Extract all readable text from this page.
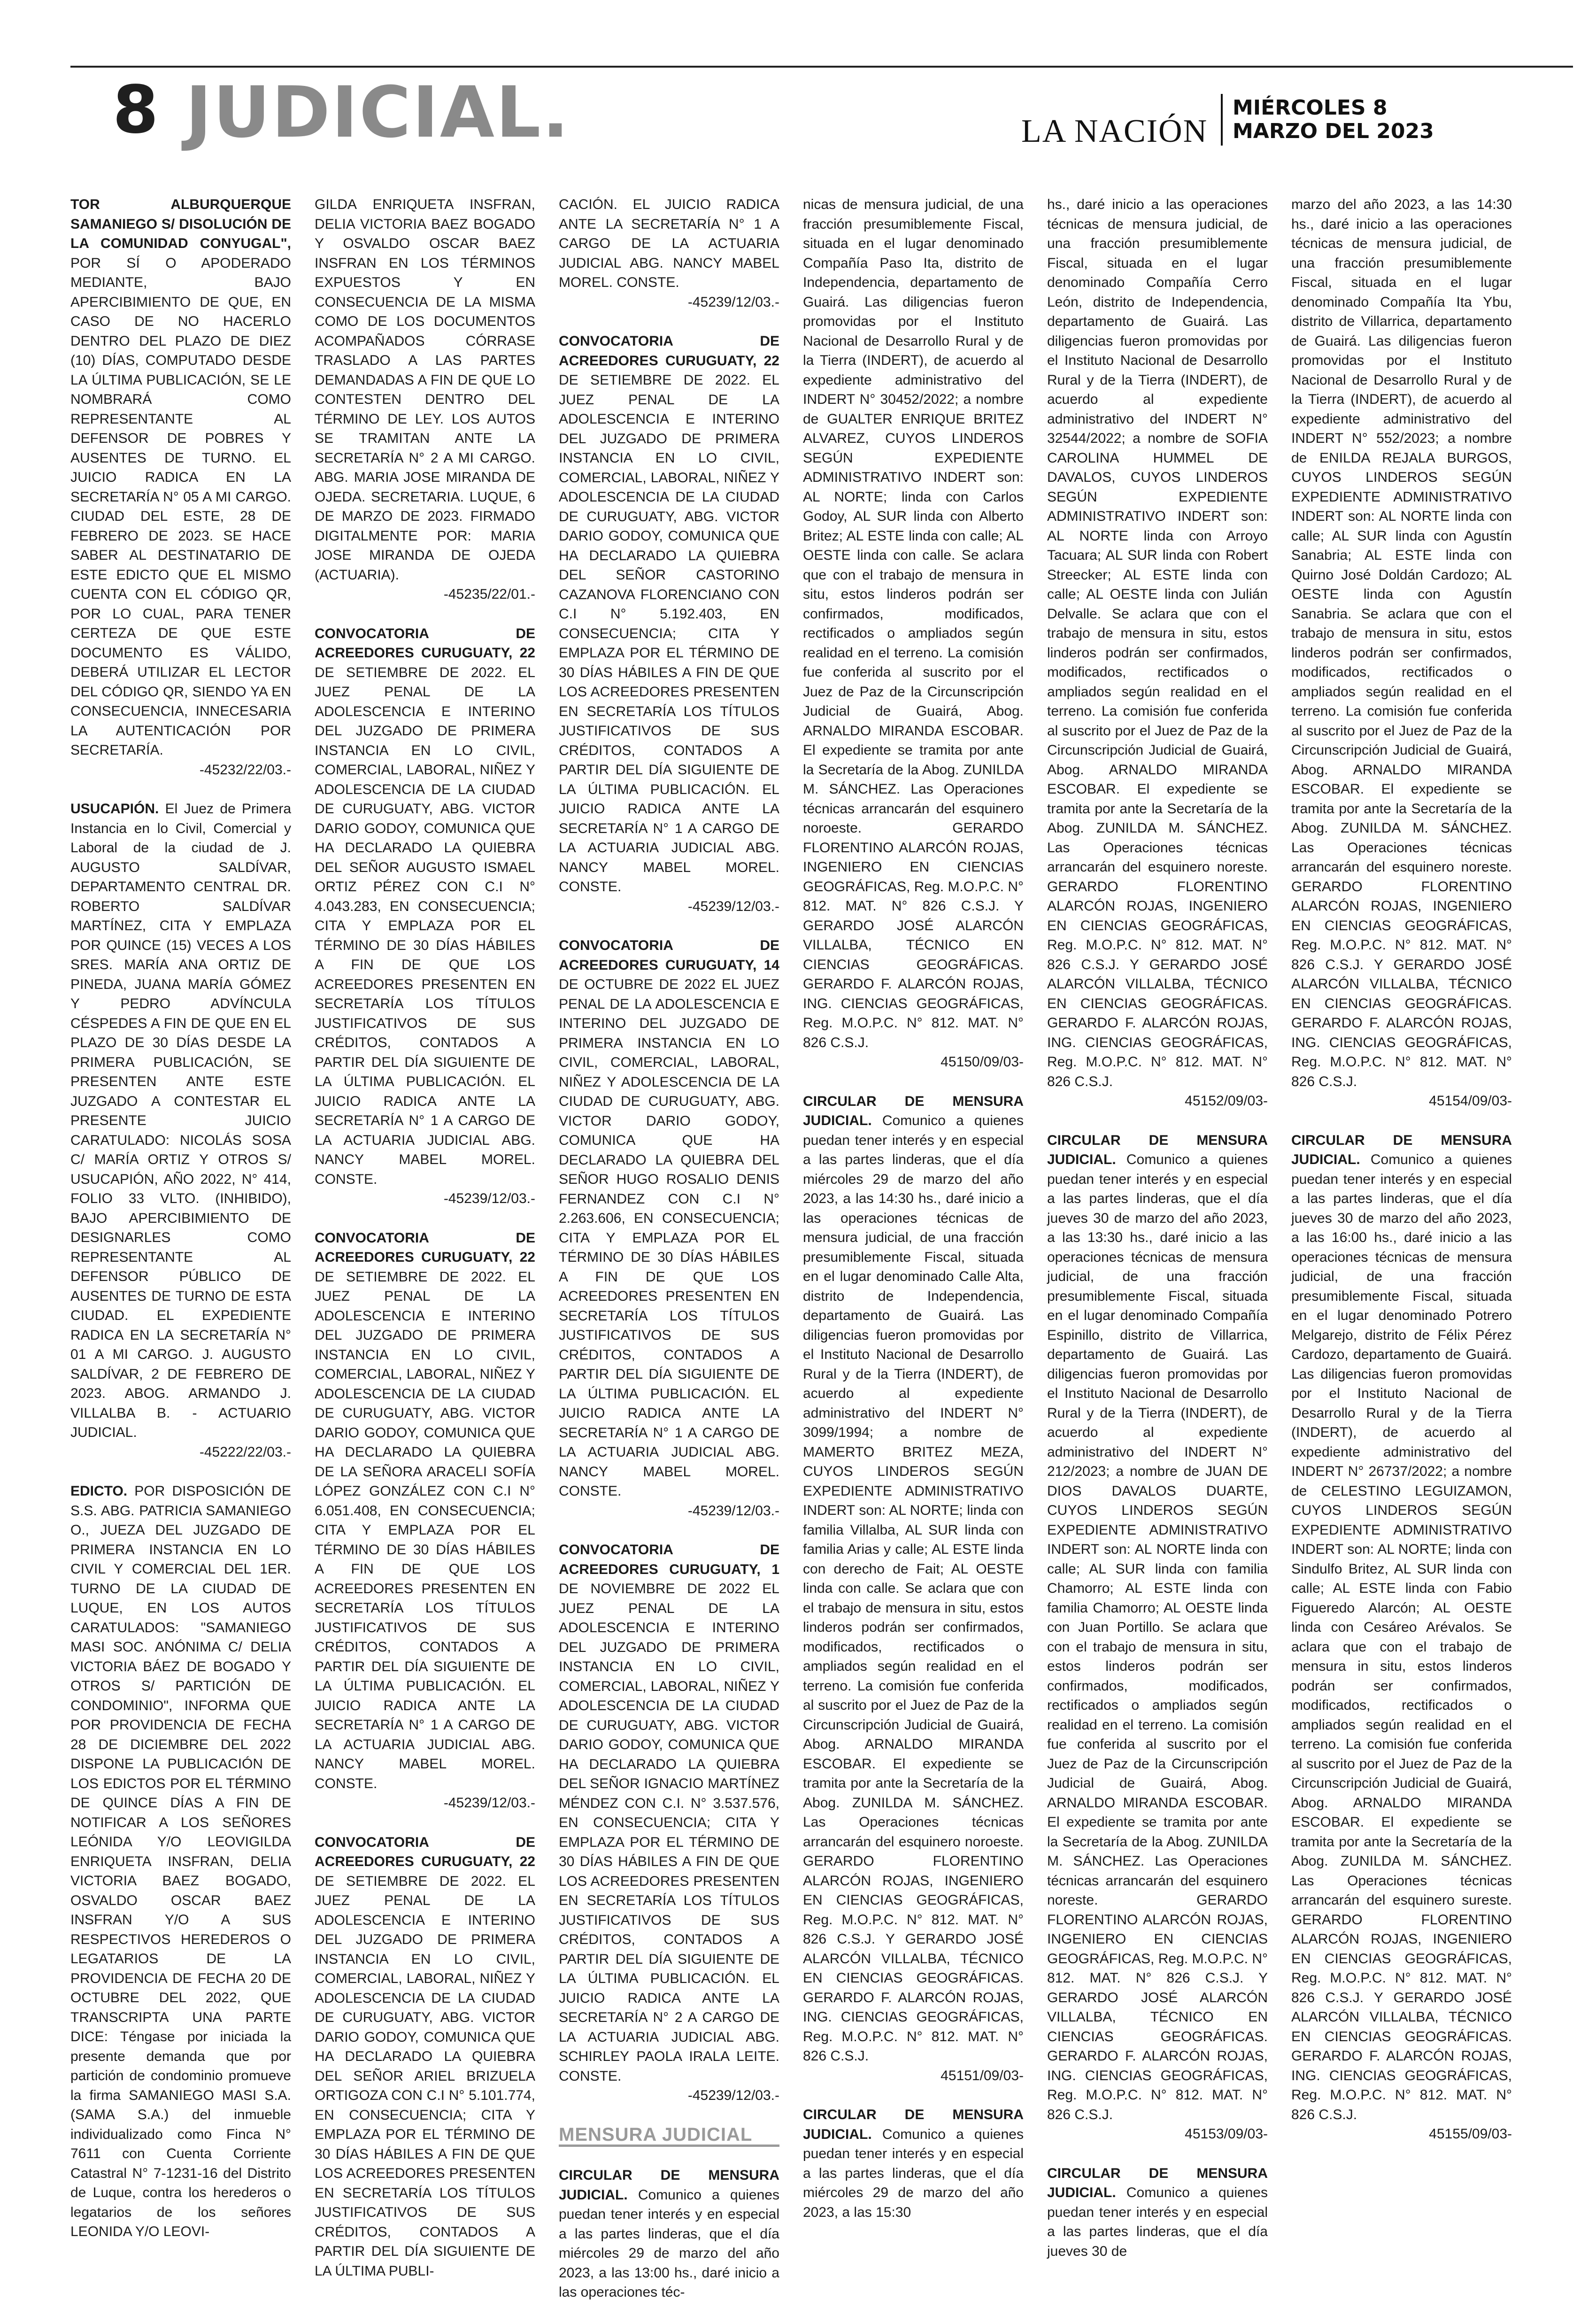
8 JUDICIAL.	LA NACIÓN
MIÉRCOLES 8
MARZO DEL 2023

TOR ALBURQUERQUE SAMANIEGO S/ DISOLUCIÓN DE LA COMUNIDAD CONYUGAL", POR SÍ O APODERADO MEDIANTE, BAJO APERCIBIMIENTO DE QUE, EN CASO DE NO HACERLO DENTRO DEL PLAZO DE DIEZ (10) DÍAS, COMPUTADO DESDE LA ÚLTIMA PUBLICACIÓN, SE LE NOMBRARÁ COMO REPRESENTANTE AL DEFENSOR DE POBRES Y AUSENTES DE TURNO. EL JUICIO RADICA EN LA SECRETARÍA N° 05 A MI CARGO. CIUDAD DEL ESTE, 28 DE FEBRERO DE 2023. SE HACE SABER AL DESTINATARIO DE ESTE EDICTO QUE EL MISMO CUENTA CON EL CÓDIGO QR, POR LO CUAL, PARA TENER CERTEZA DE QUE ESTE DOCUMENTO ES VÁLIDO, DEBERÁ UTILIZAR EL LECTOR DEL CÓDIGO QR, SIENDO YA EN CONSECUENCIA, INNECESARIA LA AUTENTICACIÓN POR SECRETARÍA.
-45232/22/03.-

USUCAPIÓN. El Juez de Primera Instancia en lo Civil, Comercial y Laboral de la ciudad de J. AUGUSTO SALDÍVAR, DEPARTAMENTO CENTRAL DR. ROBERTO SALDÍVAR MARTÍNEZ, CITA Y EMPLAZA POR QUINCE (15) VECES A LOS SRES. MARÍA ANA ORTIZ DE PINEDA, JUANA MARÍA GÓMEZ Y PEDRO ADVÍNCULA CÉSPEDES A FIN DE QUE EN EL PLAZO DE 30 DÍAS DESDE LA PRIMERA PUBLICACIÓN, SE PRESENTEN ANTE ESTE JUZGADO A CONTESTAR EL PRESENTE JUICIO CARATULADO: NICOLÁS SOSA C/ MARÍA ORTIZ Y OTROS S/ USUCAPIÓN, AÑO 2022, N° 414, FOLIO 33 VLTO. (INHIBIDO), BAJO APERCIBIMIENTO DE DESIGNARLES COMO REPRESENTANTE AL DEFENSOR PÚBLICO DE AUSENTES DE TURNO DE ESTA CIUDAD. EL EXPEDIENTE RADICA EN LA SECRETARÍA N° 01 A MI CARGO. J. AUGUSTO SALDÍVAR, 2 DE FEBRERO DE 2023. ABOG. ARMANDO J. VILLALBA B. - ACTUARIO JUDICIAL.
-45222/22/03.-

EDICTO. POR DISPOSICIÓN DE S.S. ABG. PATRICIA SAMANIEGO O., JUEZA DEL JUZGADO DE PRIMERA INSTANCIA EN LO CIVIL Y COMERCIAL DEL 1ER. TURNO DE LA CIUDAD DE LUQUE, EN LOS AUTOS CARATULADOS: "SAMANIEGO MASI SOC. ANÓNIMA C/ DELIA VICTORIA BÁEZ DE BOGADO Y OTROS S/ PARTICIÓN DE CONDOMINIO", INFORMA QUE POR PROVIDENCIA DE FECHA 28 DE DICIEMBRE DEL 2022 DISPONE LA PUBLICACIÓN DE LOS EDICTOS POR EL TÉRMINO DE QUINCE DÍAS A FIN DE NOTIFICAR A LOS SEÑORES LEÓNIDA Y/O LEOVIGILDA ENRIQUETA INSFRAN, DELIA VICTORIA BAEZ BOGADO, OSVALDO OSCAR BAEZ INSFRAN Y/O A SUS RESPECTIVOS HEREDEROS O LEGATARIOS DE LA PROVIDENCIA DE FECHA 20 DE OCTUBRE DEL 2022, QUE TRANSCRIPTA UNA PARTE DICE: Téngase por iniciada la presente demanda que por partición de condominio promueve la firma SAMANIEGO MASI S.A. (SAMA S.A.) del inmueble individualizado como Finca N° 7611 con Cuenta Corriente Catastral N° 7-1231-16 del Distrito de Luque, contra los herederos o legatarios de los señores LEONIDA Y/O LEOVI-

GILDA ENRIQUETA INSFRAN, DELIA VICTORIA BAEZ BOGADO Y OSVALDO OSCAR BAEZ INSFRAN EN LOS TÉRMINOS EXPUESTOS Y EN CONSECUENCIA DE LA MISMA COMO DE LOS DOCUMENTOS ACOMPAÑADOS CÓRRASE TRASLADO A LAS PARTES DEMANDADAS A FIN DE QUE LO CONTESTEN DENTRO DEL TÉRMINO DE LEY. LOS AUTOS SE TRAMITAN ANTE LA SECRETARÍA N° 2 A MI CARGO. ABG. MARIA JOSE MIRANDA DE OJEDA. SECRETARIA. LUQUE, 6 DE MARZO DE 2023. FIRMADO DIGITALMENTE POR: MARIA JOSE MIRANDA DE OJEDA (ACTUARIA).
-45235/22/01.-

CONVOCATORIA DE ACREEDORES CURUGUATY, 22 DE SETIEMBRE DE 2022. EL JUEZ PENAL DE LA ADOLESCENCIA E INTERINO DEL JUZGADO DE PRIMERA INSTANCIA EN LO CIVIL, COMERCIAL, LABORAL, NIÑEZ Y ADOLESCENCIA DE LA CIUDAD DE CURUGUATY, ABG. VICTOR DARIO GODOY, COMUNICA QUE HA DECLARADO LA QUIEBRA DEL SEÑOR AUGUSTO ISMAEL ORTIZ PÉREZ CON C.I N° 4.043.283, EN CONSECUENCIA; CITA Y EMPLAZA POR EL TÉRMINO DE 30 DÍAS HÁBILES A FIN DE QUE LOS ACREEDORES PRESENTEN EN SECRETARÍA LOS TÍTULOS JUSTIFICATIVOS DE SUS CRÉDITOS, CONTADOS A PARTIR DEL DÍA SIGUIENTE DE LA ÚLTIMA PUBLICACIÓN. EL JUICIO RADICA ANTE LA SECRETARÍA N° 1 A CARGO DE LA ACTUARIA JUDICIAL ABG. NANCY MABEL MOREL. CONSTE.
-45239/12/03.-

CONVOCATORIA DE ACREEDORES CURUGUATY, 22 DE SETIEMBRE DE 2022. EL JUEZ PENAL DE LA ADOLESCENCIA E INTERINO DEL JUZGADO DE PRIMERA INSTANCIA EN LO CIVIL, COMERCIAL, LABORAL, NIÑEZ Y ADOLESCENCIA DE LA CIUDAD DE CURUGUATY, ABG. VICTOR DARIO GODOY, COMUNICA QUE HA DECLARADO LA QUIEBRA DE LA SEÑORA ARACELI SOFÍA LÓPEZ GONZÁLEZ CON C.I N° 6.051.408, EN CONSECUENCIA; CITA Y EMPLAZA POR EL TÉRMINO DE 30 DÍAS HÁBILES A FIN DE QUE LOS ACREEDORES PRESENTEN EN SECRETARÍA LOS TÍTULOS JUSTIFICATIVOS DE SUS CRÉDITOS, CONTADOS A PARTIR DEL DÍA SIGUIENTE DE LA ÚLTIMA PUBLICACIÓN. EL JUICIO RADICA ANTE LA SECRETARÍA N° 1 A CARGO DE LA ACTUARIA JUDICIAL ABG. NANCY MABEL MOREL. CONSTE.
-45239/12/03.-

CONVOCATORIA DE ACREEDORES CURUGUATY, 22 DE SETIEMBRE DE 2022. EL JUEZ PENAL DE LA ADOLESCENCIA E INTERINO DEL JUZGADO DE PRIMERA INSTANCIA EN LO CIVIL, COMERCIAL, LABORAL, NIÑEZ Y ADOLESCENCIA DE LA CIUDAD DE CURUGUATY, ABG. VICTOR DARIO GODOY, COMUNICA QUE HA DECLARADO LA QUIEBRA DEL SEÑOR ARIEL BRIZUELA ORTIGOZA CON C.I N° 5.101.774, EN CONSECUENCIA; CITA Y EMPLAZA POR EL TÉRMINO DE 30 DÍAS HÁBILES A FIN DE QUE LOS ACREEDORES PRESENTEN EN SECRETARÍA LOS TÍTULOS JUSTIFICATIVOS DE SUS CRÉDITOS, CONTADOS A PARTIR DEL DÍA SIGUIENTE DE LA ÚLTIMA PUBLI-

CACIÓN. EL JUICIO RADICA ANTE LA SECRETARÍA N° 1 A CARGO DE LA ACTUARIA JUDICIAL ABG. NANCY MABEL MOREL. CONSTE.
-45239/12/03.-

CONVOCATORIA DE ACREEDORES CURUGUATY, 22 DE SETIEMBRE DE 2022. EL JUEZ PENAL DE LA ADOLESCENCIA E INTERINO DEL JUZGADO DE PRIMERA INSTANCIA EN LO CIVIL, COMERCIAL, LABORAL, NIÑEZ Y ADOLESCENCIA DE LA CIUDAD DE CURUGUATY, ABG. VICTOR DARIO GODOY, COMUNICA QUE HA DECLARADO LA QUIEBRA DEL SEÑOR CASTORINO CAZANOVA FLORENCIANO CON C.I N° 5.192.403, EN CONSECUENCIA; CITA Y EMPLAZA POR EL TÉRMINO DE 30 DÍAS HÁBILES A FIN DE QUE LOS ACREEDORES PRESENTEN EN SECRETARÍA LOS TÍTULOS JUSTIFICATIVOS DE SUS CRÉDITOS, CONTADOS A PARTIR DEL DÍA SIGUIENTE DE LA ÚLTIMA PUBLICACIÓN. EL JUICIO RADICA ANTE LA SECRETARÍA N° 1 A CARGO DE LA ACTUARIA JUDICIAL ABG. NANCY MABEL MOREL. CONSTE.
-45239/12/03.-

CONVOCATORIA DE ACREEDORES CURUGUATY, 14 DE OCTUBRE DE 2022 EL JUEZ PENAL DE LA ADOLESCENCIA E INTERINO DEL JUZGADO DE PRIMERA INSTANCIA EN LO CIVIL, COMERCIAL, LABORAL, NIÑEZ Y ADOLESCENCIA DE LA CIUDAD DE CURUGUATY, ABG. VICTOR DARIO GODOY, COMUNICA QUE HA DECLARADO LA QUIEBRA DEL SEÑOR HUGO ROSALIO DENIS FERNANDEZ CON C.I N° 2.263.606, EN CONSECUENCIA; CITA Y EMPLAZA POR EL TÉRMINO DE 30 DÍAS HÁBILES A FIN DE QUE LOS ACREEDORES PRESENTEN EN SECRETARÍA LOS TÍTULOS JUSTIFICATIVOS DE SUS CRÉDITOS, CONTADOS A PARTIR DEL DÍA SIGUIENTE DE LA ÚLTIMA PUBLICACIÓN. EL JUICIO RADICA ANTE LA SECRETARÍA N° 1 A CARGO DE LA ACTUARIA JUDICIAL ABG. NANCY MABEL MOREL. CONSTE.
-45239/12/03.-

CONVOCATORIA DE ACREEDORES CURUGUATY, 1 DE NOVIEMBRE DE 2022 EL JUEZ PENAL DE LA ADOLESCENCIA E INTERINO DEL JUZGADO DE PRIMERA INSTANCIA EN LO CIVIL, COMERCIAL, LABORAL, NIÑEZ Y ADOLESCENCIA DE LA CIUDAD DE CURUGUATY, ABG. VICTOR DARIO GODOY, COMUNICA QUE HA DECLARADO LA QUIEBRA DEL SEÑOR IGNACIO MARTÍNEZ MÉNDEZ CON C.I. N° 3.537.576, EN CONSECUENCIA; CITA Y EMPLAZA POR EL TÉRMINO DE 30 DÍAS HÁBILES A FIN DE QUE LOS ACREEDORES PRESENTEN EN SECRETARÍA LOS TÍTULOS JUSTIFICATIVOS DE SUS CRÉDITOS, CONTADOS A PARTIR DEL DÍA SIGUIENTE DE LA ÚLTIMA PUBLICACIÓN. EL JUICIO RADICA ANTE LA SECRETARÍA N° 2 A CARGO DE LA ACTUARIA JUDICIAL ABG. SCHIRLEY PAOLA IRALA LEITE. CONSTE.
-45239/12/03.-

MENSURA JUDICIAL

CIRCULAR DE MENSURA JUDICIAL. Comunico a quienes puedan tener interés y en especial a las partes linderas, que el día miércoles 29 de marzo del año 2023, a las 13:00 hs., daré inicio a las operaciones téc-

nicas de mensura judicial, de una fracción presumiblemente Fiscal, situada en el lugar denominado Compañía Paso Ita, distrito de Independencia, departamento de Guairá. Las diligencias fueron promovidas por el Instituto Nacional de Desarrollo Rural y de la Tierra (INDERT), de acuerdo al expediente administrativo del INDERT N° 30452/2022; a nombre de GUALTER ENRIQUE BRITEZ ALVAREZ, CUYOS LINDEROS SEGÚN EXPEDIENTE ADMINISTRATIVO INDERT son: AL NORTE; linda con Carlos Godoy, AL SUR linda con Alberto Britez; AL ESTE linda con calle; AL OESTE linda con calle. Se aclara que con el trabajo de mensura in situ, estos linderos podrán ser confirmados, modificados, rectificados o ampliados según realidad en el terreno. La comisión fue conferida al suscrito por el Juez de Paz de la Circunscripción Judicial de Guairá, Abog. ARNALDO MIRANDA ESCOBAR. El expediente se tramita por ante la Secretaría de la Abog. ZUNILDA M. SÁNCHEZ. Las Operaciones técnicas arrancarán del esquinero noroeste. GERARDO FLORENTINO ALARCÓN ROJAS, INGENIERO EN CIENCIAS GEOGRÁFICAS, Reg. M.O.P.C. N° 812. MAT. N° 826 C.S.J. Y GERARDO JOSÉ ALARCÓN VILLALBA, TÉCNICO EN CIENCIAS GEOGRÁFICAS. GERARDO F. ALARCÓN ROJAS, ING. CIENCIAS GEOGRÁFICAS, Reg. M.O.P.C. N° 812. MAT. N° 826 C.S.J.
45150/09/03-

CIRCULAR DE MENSURA JUDICIAL. Comunico a quienes puedan tener interés y en especial a las partes linderas, que el día miércoles 29 de marzo del año 2023, a las 14:30 hs., daré inicio a las operaciones técnicas de mensura judicial, de una fracción presumiblemente Fiscal, situada en el lugar denominado Calle Alta, distrito de Independencia, departamento de Guairá. Las diligencias fueron promovidas por el Instituto Nacional de Desarrollo Rural y de la Tierra (INDERT), de acuerdo al expediente administrativo del INDERT N° 3099/1994; a nombre de MAMERTO BRITEZ MEZA, CUYOS LINDEROS SEGÚN EXPEDIENTE ADMINISTRATIVO INDERT son: AL NORTE; linda con familia Villalba, AL SUR linda con familia Arias y calle; AL ESTE linda con derecho de Fait; AL OESTE linda con calle. Se aclara que con el trabajo de mensura in situ, estos linderos podrán ser confirmados, modificados, rectificados o ampliados según realidad en el terreno. La comisión fue conferida al suscrito por el Juez de Paz de la Circunscripción Judicial de Guairá, Abog. ARNALDO MIRANDA ESCOBAR. El expediente se tramita por ante la Secretaría de la Abog. ZUNILDA M. SÁNCHEZ. Las Operaciones técnicas arrancarán del esquinero noroeste. GERARDO FLORENTINO ALARCÓN ROJAS, INGENIERO EN CIENCIAS GEOGRÁFICAS, Reg. M.O.P.C. N° 812. MAT. N° 826 C.S.J. Y GERARDO JOSÉ ALARCÓN VILLALBA, TÉCNICO EN CIENCIAS GEOGRÁFICAS. GERARDO F. ALARCÓN ROJAS, ING. CIENCIAS GEOGRÁFICAS, Reg. M.O.P.C. N° 812. MAT. N° 826 C.S.J.
45151/09/03-

CIRCULAR DE MENSURA JUDICIAL. Comunico a quienes puedan tener interés y en especial a las partes linderas, que el día miércoles 29 de marzo del año 2023, a las 15:30

hs., daré inicio a las operaciones técnicas de mensura judicial, de una fracción presumiblemente Fiscal, situada en el lugar denominado Compañía Cerro León, distrito de Independencia, departamento de Guairá. Las diligencias fueron promovidas por el Instituto Nacional de Desarrollo Rural y de la Tierra (INDERT), de acuerdo al expediente administrativo del INDERT N° 32544/2022; a nombre de SOFIA CAROLINA HUMMEL DE DAVALOS, CUYOS LINDEROS SEGÚN EXPEDIENTE ADMINISTRATIVO INDERT son: AL NORTE linda con Arroyo Tacuara; AL SUR linda con Robert Streecker; AL ESTE linda con calle; AL OESTE linda con Julián Delvalle. Se aclara que con el trabajo de mensura in situ, estos linderos podrán ser confirmados, modificados, rectificados o ampliados según realidad en el terreno. La comisión fue conferida al suscrito por el Juez de Paz de la Circunscripción Judicial de Guairá, Abog. ARNALDO MIRANDA ESCOBAR. El expediente se tramita por ante la Secretaría de la Abog. ZUNILDA M. SÁNCHEZ. Las Operaciones técnicas arrancarán del esquinero noreste. GERARDO FLORENTINO ALARCÓN ROJAS, INGENIERO EN CIENCIAS GEOGRÁFICAS, Reg. M.O.P.C. N° 812. MAT. N° 826 C.S.J. Y GERARDO JOSÉ ALARCÓN VILLALBA, TÉCNICO EN CIENCIAS GEOGRÁFICAS. GERARDO F. ALARCÓN ROJAS, ING. CIENCIAS GEOGRÁFICAS, Reg. M.O.P.C. N° 812. MAT. N° 826 C.S.J.
45152/09/03-

CIRCULAR DE MENSURA JUDICIAL. Comunico a quienes puedan tener interés y en especial a las partes linderas, que el día jueves 30 de marzo del año 2023, a las 13:30 hs., daré inicio a las operaciones técnicas de mensura judicial, de una fracción presumiblemente Fiscal, situada en el lugar denominado Compañía Espinillo, distrito de Villarrica, departamento de Guairá. Las diligencias fueron promovidas por el Instituto Nacional de Desarrollo Rural y de la Tierra (INDERT), de acuerdo al expediente administrativo del INDERT N° 212/2023; a nombre de JUAN DE DIOS DAVALOS DUARTE, CUYOS LINDEROS SEGÚN EXPEDIENTE ADMINISTRATIVO INDERT son: AL NORTE linda con calle; AL SUR linda con familia Chamorro; AL ESTE linda con familia Chamorro; AL OESTE linda con Juan Portillo. Se aclara que con el trabajo de mensura in situ, estos linderos podrán ser confirmados, modificados, rectificados o ampliados según realidad en el terreno. La comisión fue conferida al suscrito por el Juez de Paz de la Circunscripción Judicial de Guairá, Abog. ARNALDO MIRANDA ESCOBAR. El expediente se tramita por ante la Secretaría de la Abog. ZUNILDA M. SÁNCHEZ. Las Operaciones técnicas arrancarán del esquinero noreste. GERARDO FLORENTINO ALARCÓN ROJAS, INGENIERO EN CIENCIAS GEOGRÁFICAS, Reg. M.O.P.C. N° 812. MAT. N° 826 C.S.J. Y GERARDO JOSÉ ALARCÓN VILLALBA, TÉCNICO EN CIENCIAS GEOGRÁFICAS. GERARDO F. ALARCÓN ROJAS, ING. CIENCIAS GEOGRÁFICAS, Reg. M.O.P.C. N° 812. MAT. N° 826 C.S.J.
45153/09/03-

CIRCULAR DE MENSURA JUDICIAL. Comunico a quienes puedan tener interés y en especial a las partes linderas, que el día jueves 30 de

marzo del año 2023, a las 14:30 hs., daré inicio a las operaciones técnicas de mensura judicial, de una fracción presumiblemente Fiscal, situada en el lugar denominado Compañía Ita Ybu, distrito de Villarrica, departamento de Guairá. Las diligencias fueron promovidas por el Instituto Nacional de Desarrollo Rural y de la Tierra (INDERT), de acuerdo al expediente administrativo del INDERT N° 552/2023; a nombre de ENILDA REJALA BURGOS, CUYOS LINDEROS SEGÚN EXPEDIENTE ADMINISTRATIVO INDERT son: AL NORTE linda con calle; AL SUR linda con Agustín Sanabria; AL ESTE linda con Quirno José Doldán Cardozo; AL OESTE linda con Agustín Sanabria. Se aclara que con el trabajo de mensura in situ, estos linderos podrán ser confirmados, modificados, rectificados o ampliados según realidad en el terreno. La comisión fue conferida al suscrito por el Juez de Paz de la Circunscripción Judicial de Guairá, Abog. ARNALDO MIRANDA ESCOBAR. El expediente se tramita por ante la Secretaría de la Abog. ZUNILDA M. SÁNCHEZ. Las Operaciones técnicas arrancarán del esquinero noreste. GERARDO FLORENTINO ALARCÓN ROJAS, INGENIERO EN CIENCIAS GEOGRÁFICAS, Reg. M.O.P.C. N° 812. MAT. N° 826 C.S.J. Y GERARDO JOSÉ ALARCÓN VILLALBA, TÉCNICO EN CIENCIAS GEOGRÁFICAS. GERARDO F. ALARCÓN ROJAS, ING. CIENCIAS GEOGRÁFICAS, Reg. M.O.P.C. N° 812. MAT. N° 826 C.S.J.
45154/09/03-

CIRCULAR DE MENSURA JUDICIAL. Comunico a quienes puedan tener interés y en especial a las partes linderas, que el día jueves 30 de marzo del año 2023, a las 16:00 hs., daré inicio a las operaciones técnicas de mensura judicial, de una fracción presumiblemente Fiscal, situada en el lugar denominado Potrero Melgarejo, distrito de Félix Pérez Cardozo, departamento de Guairá. Las diligencias fueron promovidas por el Instituto Nacional de Desarrollo Rural y de la Tierra (INDERT), de acuerdo al expediente administrativo del INDERT N° 26737/2022; a nombre de CELESTINO LEGUIZAMON, CUYOS LINDEROS SEGÚN EXPEDIENTE ADMINISTRATIVO INDERT son: AL NORTE; linda con Sindulfo Britez, AL SUR linda con calle; AL ESTE linda con Fabio Figueredo Alarcón; AL OESTE linda con Cesáreo Arévalos. Se aclara que con el trabajo de mensura in situ, estos linderos podrán ser confirmados, modificados, rectificados o ampliados según realidad en el terreno. La comisión fue conferida al suscrito por el Juez de Paz de la Circunscripción Judicial de Guairá, Abog. ARNALDO MIRANDA ESCOBAR. El expediente se tramita por ante la Secretaría de la Abog. ZUNILDA M. SÁNCHEZ. Las Operaciones técnicas arrancarán del esquinero sureste. GERARDO FLORENTINO ALARCÓN ROJAS, INGENIERO EN CIENCIAS GEOGRÁFICAS, Reg. M.O.P.C. N° 812. MAT. N° 826 C.S.J. Y GERARDO JOSÉ ALARCÓN VILLALBA, TÉCNICO EN CIENCIAS GEOGRÁFICAS. GERARDO F. ALARCÓN ROJAS, ING. CIENCIAS GEOGRÁFICAS, Reg. M.O.P.C. N° 812. MAT. N° 826 C.S.J.
45155/09/03-
